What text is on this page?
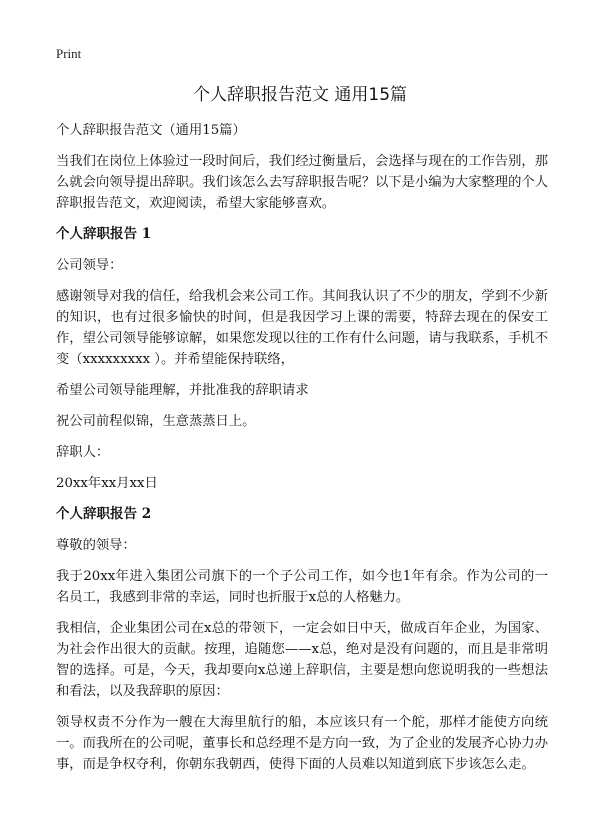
Print
个人辞职报告范文 通用15篇

个人辞职报告范文（通用15篇）

当我们在岗位上体验过一段时间后，我们经过衡量后，会选择与现在的工作告别，那么就会向领导提出辞职。我们该怎么去写辞职报告呢？以下是小编为大家整理的个人辞职报告范文，欢迎阅读，希望大家能够喜欢。

个人辞职报告 1

公司领导：

感谢领导对我的信任，给我机会来公司工作。其间我认识了不少的朋友，学到不少新的知识，也有过很多愉快的时间，但是我因学习上课的需要，特辞去现在的保安工作，望公司领导能够谅解，如果您发现以往的工作有什么问题，请与我联系，手机不变（xxxxxxxxx ）。并希望能保持联络，

希望公司领导能理解，并批准我的辞职请求

祝公司前程似锦，生意蒸蒸日上。

辞职人：

20xx年xx月xx日

个人辞职报告 2

尊敬的领导：

我于20xx年进入集团公司旗下的一个子公司工作，如今也1年有余。作为公司的一名员工，我感到非常的幸运，同时也折服于x总的人格魅力。

我相信，企业集团公司在x总的带领下，一定会如日中天，做成百年企业，为国家、为社会作出很大的贡献。按理，追随您——x总，绝对是没有问题的，而且是非常明智的选择。可是，今天，我却要向x总递上辞职信，主要是想向您说明我的一些想法和看法，以及我辞职的原因：

领导权责不分作为一艘在大海里航行的船，本应该只有一个舵，那样才能使方向统一。而我所在的公司呢，董事长和总经理不是方向一致，为了企业的发展齐心协力办事，而是争权夺利，你朝东我朝西，使得下面的人员难以知道到底下步该怎么走。
